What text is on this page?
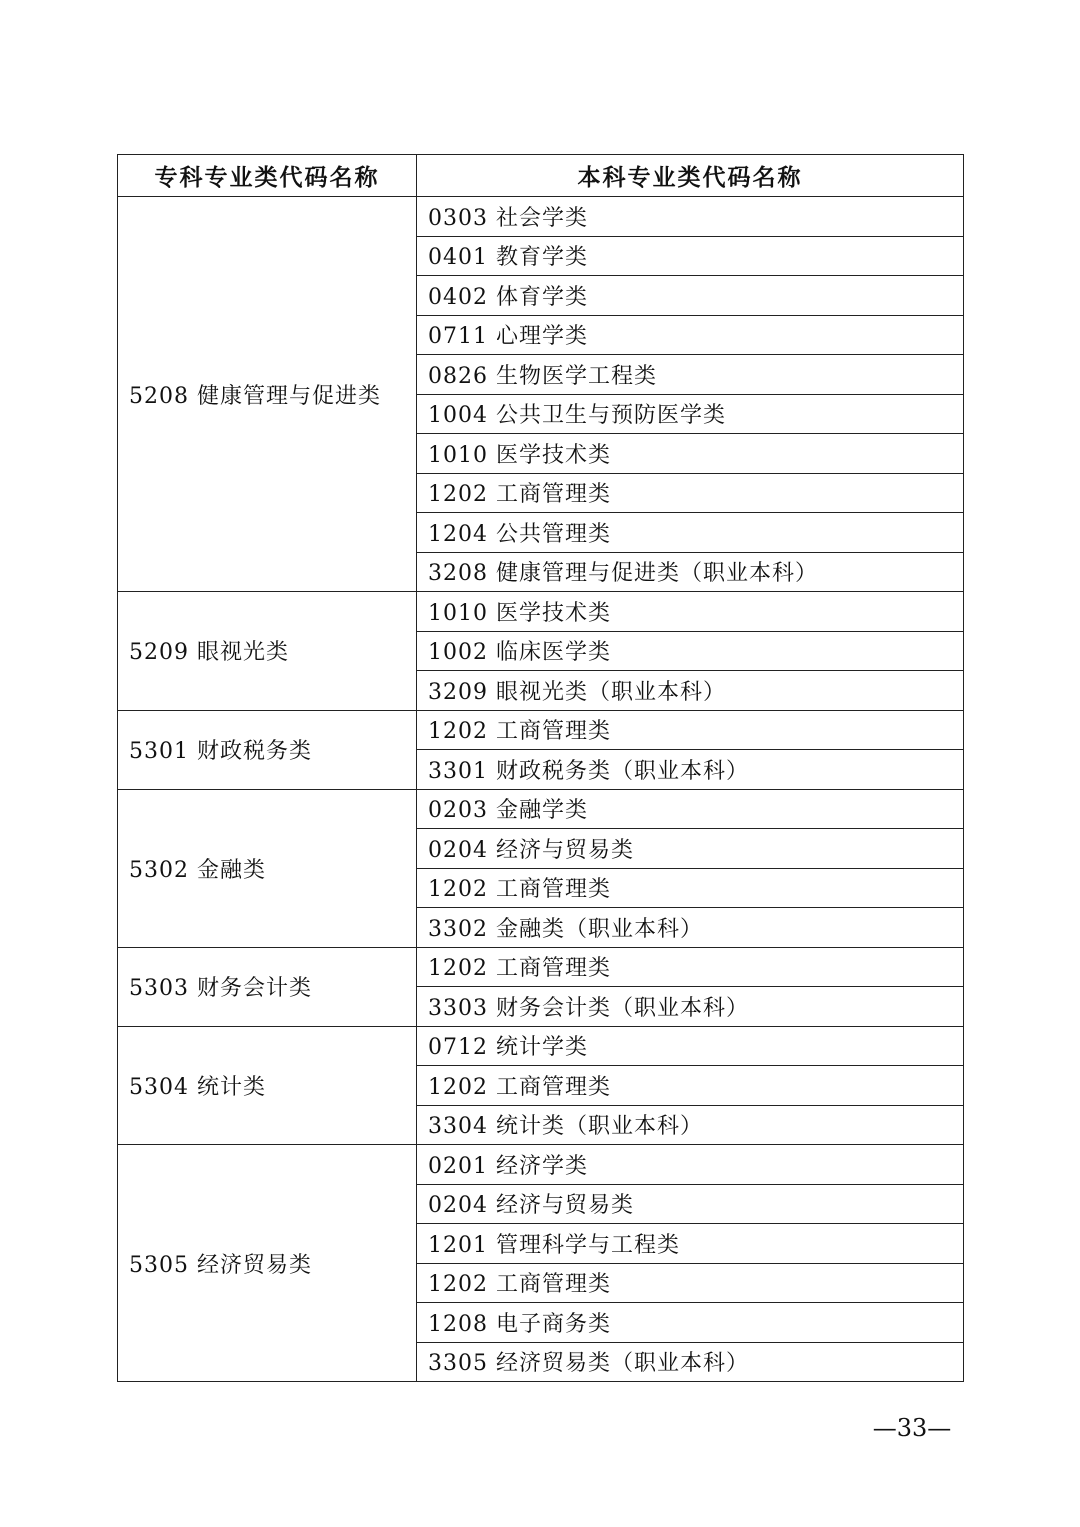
专科专业类代码名称	本科专业类代码名称
5208 健康管理与促进类	0303 社会学类
	0401 教育学类
	0402 体育学类
	0711 心理学类
	0826 生物医学工程类
	1004 公共卫生与预防医学类
	1010 医学技术类
	1202 工商管理类
	1204 公共管理类
	3208 健康管理与促进类（职业本科）
5209 眼视光类	1010 医学技术类
	1002 临床医学类
	3209 眼视光类（职业本科）
5301 财政税务类	1202 工商管理类
	3301 财政税务类（职业本科）
5302 金融类	0203 金融学类
	0204 经济与贸易类
	1202 工商管理类
	3302 金融类（职业本科）
5303 财务会计类	1202 工商管理类
	3303 财务会计类（职业本科）
5304 统计类	0712 统计学类
	1202 工商管理类
	3304 统计类（职业本科）
5305 经济贸易类	0201 经济学类
	0204 经济与贸易类
	1201 管理科学与工程类
	1202 工商管理类
	1208 电子商务类
	3305 经济贸易类（职业本科）
—33—
